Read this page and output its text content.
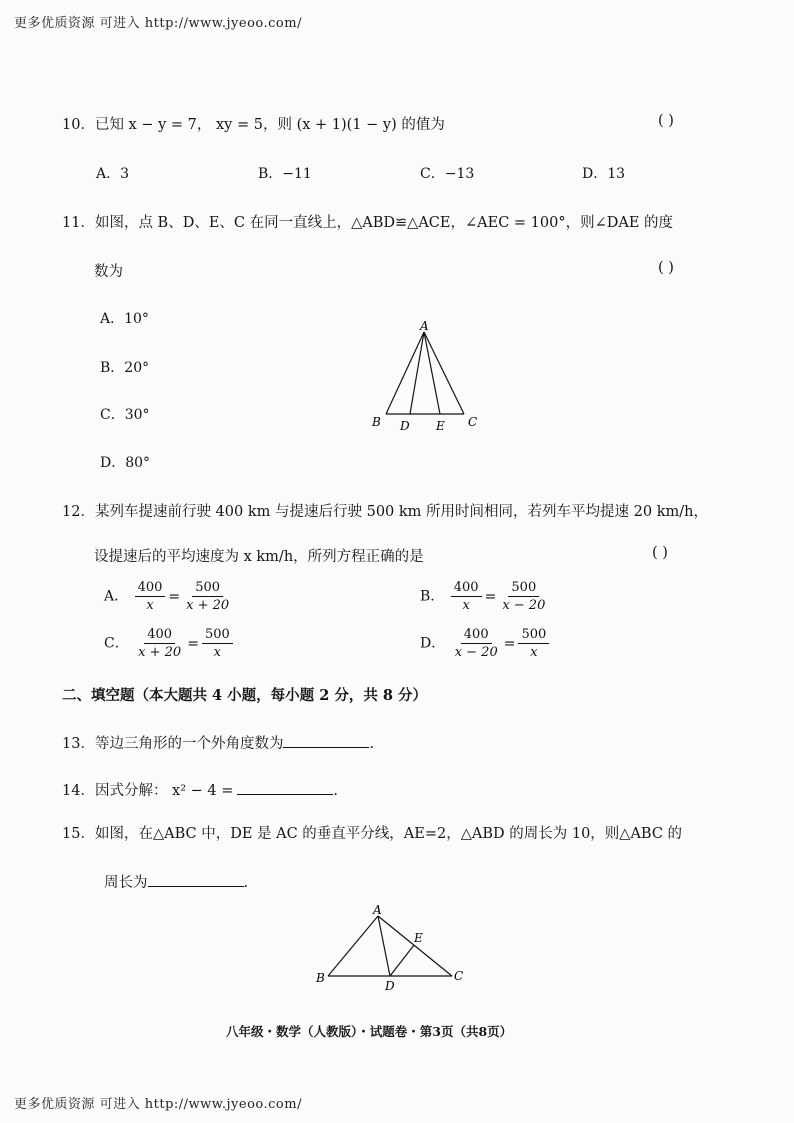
更多优质资源 可进入 http://www.jyeoo.com/
10．已知 x − y = 7， xy = 5，则 (x + 1)(1 − y) 的值为	( )
A．3	B．−11	C．−13	D．13
11．如图，点 B、D、E、C 在同一直线上，△ABD≌△ACE，∠AEC = 100°，则∠DAE 的度
数为	( )
A．10°
B．20°
C．30°
D．80°
A
B D E C
12．某列车提速前行驶 400 km 与提速后行驶 500 km 所用时间相同，若列车平均提速 20 km/h，
设提速后的平均速度为 x km/h，所列方程正确的是	( )
A． $\frac{400}{x} = \frac{500}{x + 20}$	B． $\frac{400}{x} = \frac{500}{x - 20}$
C． $\frac{400}{x + 20} = \frac{500}{x}$	D． $\frac{400}{x - 20} = \frac{500}{x}$
二、填空题（本大题共 4 小题，每小题 2 分，共 8 分）
13．等边三角形的一个外角度数为	.
14．因式分解： x² − 4 =	.
15．如图，在△ABC 中，DE 是 AC 的垂直平分线，AE=2，△ABD 的周长为 10，则△ABC 的
周长为	.
A
E
B
D
C
八年级・数学（人教版）・试题卷・第3页（共8页）
更多优质资源 可进入 http://www.jyeoo.com/
